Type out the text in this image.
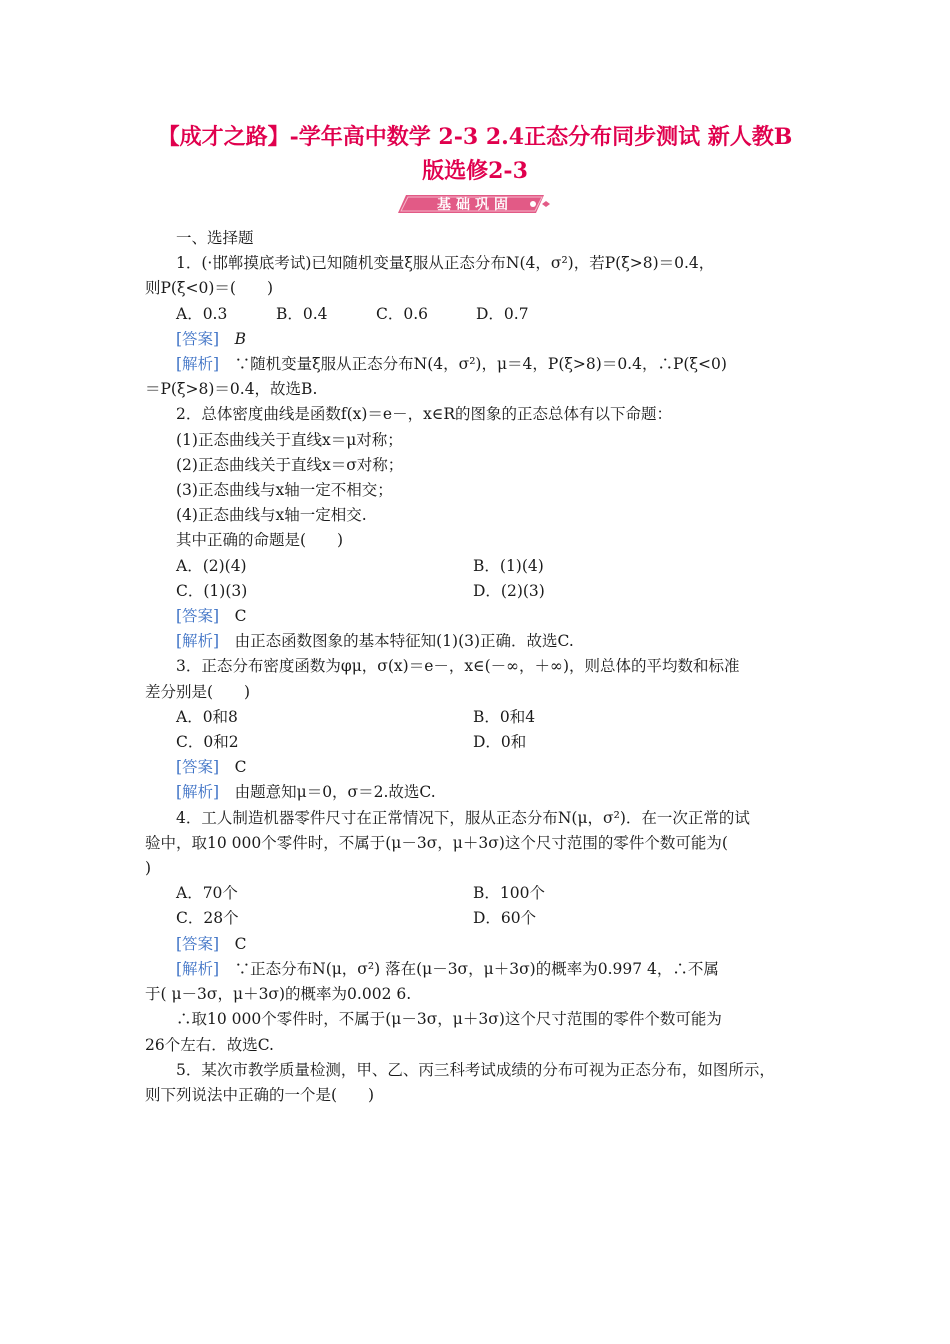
【成才之路】-学年高中数学 2-3 2.4正态分布同步测试 新人教B
版选修2-3
基础巩固

一、选择题

1．(·邯郸摸底考试)已知随机变量ξ服从正态分布N(4，σ²)，若P(ξ>8)＝0.4，

则P(ξ<0)＝(　　)

A．0.3	B．0.4	C．0.6	D．0.7

[答案]　 B

[解析]　 ∵随机变量ξ服从正态分布N(4，σ²)，μ＝4，P(ξ>8)＝0.4，∴P(ξ<0)

＝P(ξ>8)＝0.4，故选B.

2．总体密度曲线是函数f(x)＝e－，x∈R的图象的正态总体有以下命题：

(1)正态曲线关于直线x＝μ对称；

(2)正态曲线关于直线x＝σ对称；

(3)正态曲线与x轴一定不相交；

(4)正态曲线与x轴一定相交.

其中正确的命题是(　　)

A．(2)(4)	B．(1)(4)
C．(1)(3)	D．(2)(3)

[答案]　 C

[解析]　 由正态函数图象的基本特征知(1)(3)正确．故选C.

3．正态分布密度函数为φμ，σ(x)＝e－，x∈(－∞，＋∞)，则总体的平均数和标准

差分别是(　　)

A．0和8	B．0和4
C．0和2	D．0和

[答案]　 C

[解析]　 由题意知μ＝0，σ＝2.故选C.

4．工人制造机器零件尺寸在正常情况下，服从正态分布N(μ，σ²)．在一次正常的试

验中，取10 000个零件时，不属于(μ－3σ，μ＋3σ)这个尺寸范围的零件个数可能为(

)

A．70个	B．100个
C．28个	D．60个

[答案]　 C

[解析]　 ∵正态分布N(μ，σ²) 落在(μ－3σ，μ＋3σ)的概率为0.997 4，∴不属

于( μ－3σ，μ＋3σ)的概率为0.002 6.

∴取10 000个零件时，不属于(μ－3σ，μ＋3σ)这个尺寸范围的零件个数可能为

26个左右．故选C.

5．某次市教学质量检测，甲、乙、丙三科考试成绩的分布可视为正态分布，如图所示，

则下列说法中正确的一个是(　　)
